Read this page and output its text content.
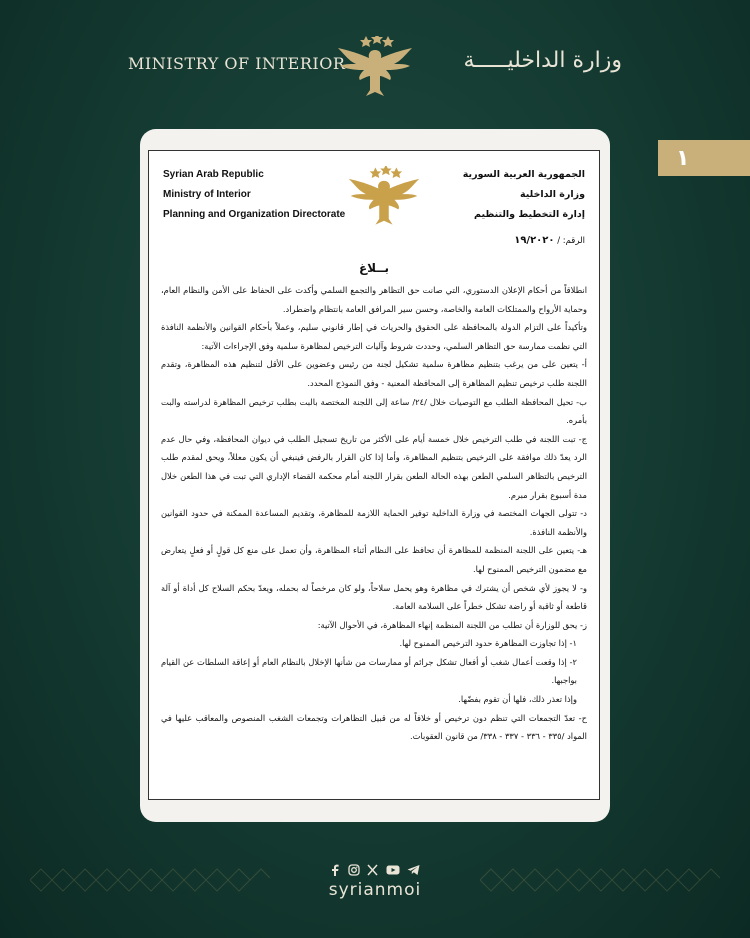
MINISTRY OF INTERIOR	وزارة الداخليـــــة
١
Syrian Arab Republic
Ministry of Interior
Planning and Organization Directorate
الجمهورية العربية السورية
وزارة الداخلية
إدارة التخطيط والتنظيم
الرقم: / ١٩/٢٠٢٠
بــلاغ

انطلاقاً من أحكام الإعلان الدستوري، التي صانت حق التظاهر والتجمع السلمي وأكدت على الحفاظ على الأمن والنظام العام، وحماية الأرواح والممتلكات العامة والخاصة، وحسن سير المرافق العامة بانتظام واضطراد.

وتأكيداً على التزام الدولة بالمحافظة على الحقوق والحريات في إطار قانوني سليم، وعملاً بأحكام القوانين والأنظمة النافذة التي نظمت ممارسة حق التظاهر السلمي، وحددت شروط وآليات الترخيص لمظاهرة سلمية وفق الإجراءات الآتية:

أ- يتعين على من يرغب بتنظيم مظاهرة سلمية تشكيل لجنة من رئيس وعضوين على الأقل لتنظيم هذه المظاهرة، وتقدم اللجنة طلب ترخيص تنظيم المظاهرة إلى المحافظة المعنية - وفق النموذج المحدد.

ب- تحيل المحافظة الطلب مع التوصيات خلال /٢٤/ ساعة إلى اللجنة المختصة بالبت بطلب ترخيص المظاهرة لدراسته والبت بأمره.

ج- تبت اللجنة في طلب الترخيص خلال خمسة أيام على الأكثر من تاريخ تسجيل الطلب في ديوان المحافظة، وفي حال عدم الرد يعدّ ذلك موافقة على الترخيص بتنظيم المظاهرة، وأما إذا كان القرار بالرفض فينبغي أن يكون معللاً، ويحق لمقدم طلب الترخيص بالتظاهر السلمي الطعن بهذه الحالة الطعن بقرار اللجنة أمام محكمة القضاء الإداري التي تبت في هذا الطعن خلال مدة أسبوع بقرار مبرم.

د- تتولى الجهات المختصة في وزارة الداخلية توفير الحماية اللازمة للمظاهرة، وتقديم المساعدة الممكنة في حدود القوانين والأنظمة النافذة.

هـ- يتعين على اللجنة المنظمة للمظاهرة أن تحافظ على النظام أثناء المظاهرة، وأن تعمل على منع كل قولٍ أو فعلٍ يتعارض مع مضمون الترخيص الممنوح لها.

و- لا يجوز لأي شخص أن يشترك في مظاهرة وهو يحمل سلاحاً، ولو كان مرخصاً له بحمله، ويعدّ بحكم السلاح كل أداة أو آلة قاطعة أو ثاقبة أو راضة تشكل خطراً على السلامة العامة.

ز- يحق للوزارة أن تطلب من اللجنة المنظمة إنهاء المظاهرة، في الأحوال الآتية:

١- إذا تجاوزت المظاهرة حدود الترخيص الممنوح لها.

٢- إذا وقعت أعمال شغب أو أفعال تشكل جرائم أو ممارسات من شأنها الإخلال بالنظام العام أو إعاقة السلطات عن القيام بواجبها.

وإذا تعذر ذلك، فلها أن تقوم بفضّها.

ح- تعدّ التجمعات التي تنظم دون ترخيص أو خلافاً له من قبيل التظاهرات وتجمعات الشغب المنصوص والمعاقب عليها في المواد /٣٣٥ - ٣٣٦ - ٣٣٧ - ٣٣٨/ من قانون العقوبات.

syrianmoi
